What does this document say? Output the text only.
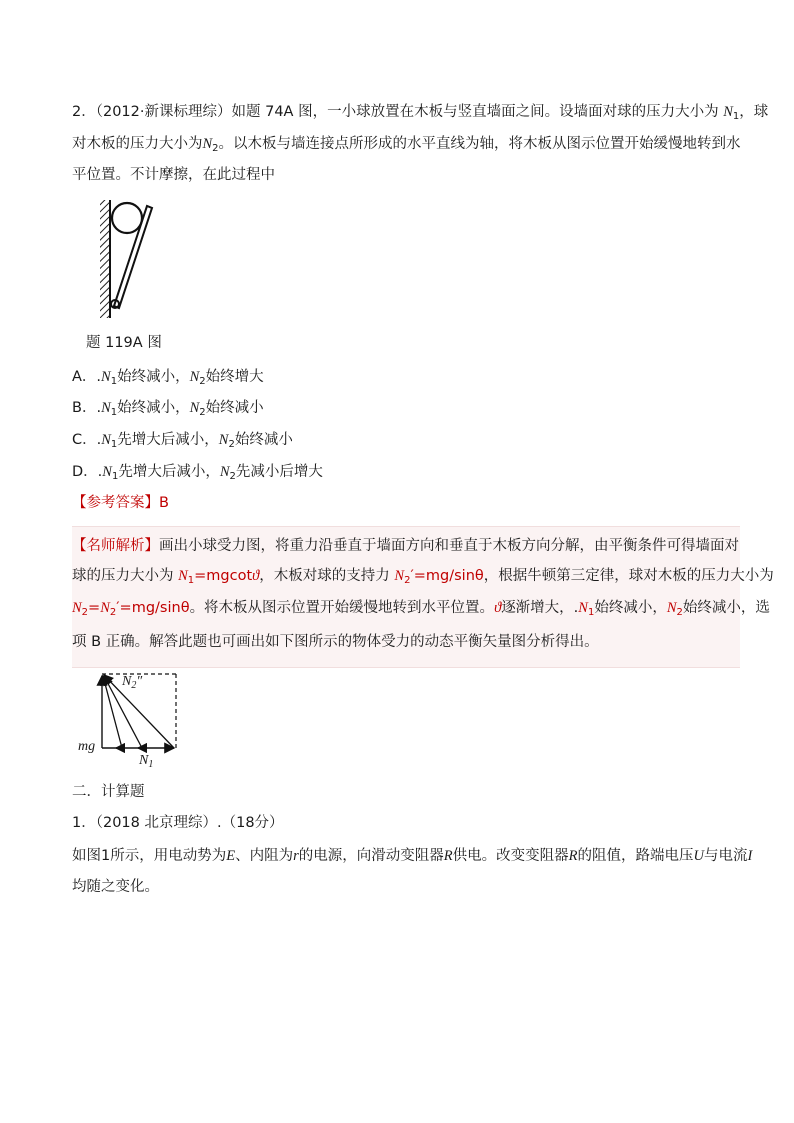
2．（2012·新课标理综）如题 74A 图，一小球放置在木板与竖直墙面之间。设墙面对球的压力大小为 $N_1$，球
对木板的压力大小为$N_2$。以木板与墙连接点所形成的水平直线为轴，将木板从图示位置开始缓慢地转到水
平位置。不计摩擦，在此过程中
题 119A 图
A．$.N_1$始终减小，$N_2$始终增大
B．$.N_1$始终减小，$N_2$始终减小
C．$.N_1$先增大后减小，$N_2$始终减小
D．$.N_1$先增大后减小，$N_2$先减小后增大
【参考答案】B
【名师解析】画出小球受力图，将重力沿垂直于墙面方向和垂直于木板方向分解，由平衡条件可得墙面对
球的压力大小为 $N_1=mgcotϑ$，木板对球的支持力 $N_2'=mg$/sinθ，根据牛顿第三定律，球对木板的压力大小为
$N_2=N_2'=mg$/sinθ。将木板从图示位置开始缓慢地转到水平位置。ϑ逐渐增大，$.N_1$始终减小，$N_2$始终减小，选
项 B 正确。解答此题也可画出如下图所示的物体受力的动态平衡矢量图分析得出。
$N_2''$
mg
$N_1$
二．计算题
1．（2018 北京理综）.（18分）
如图1所示，用电动势为E、内阻为r的电源，向滑动变阻器R供电。改变变阻器R的阻值，路端电压U与电流I
均随之变化。
